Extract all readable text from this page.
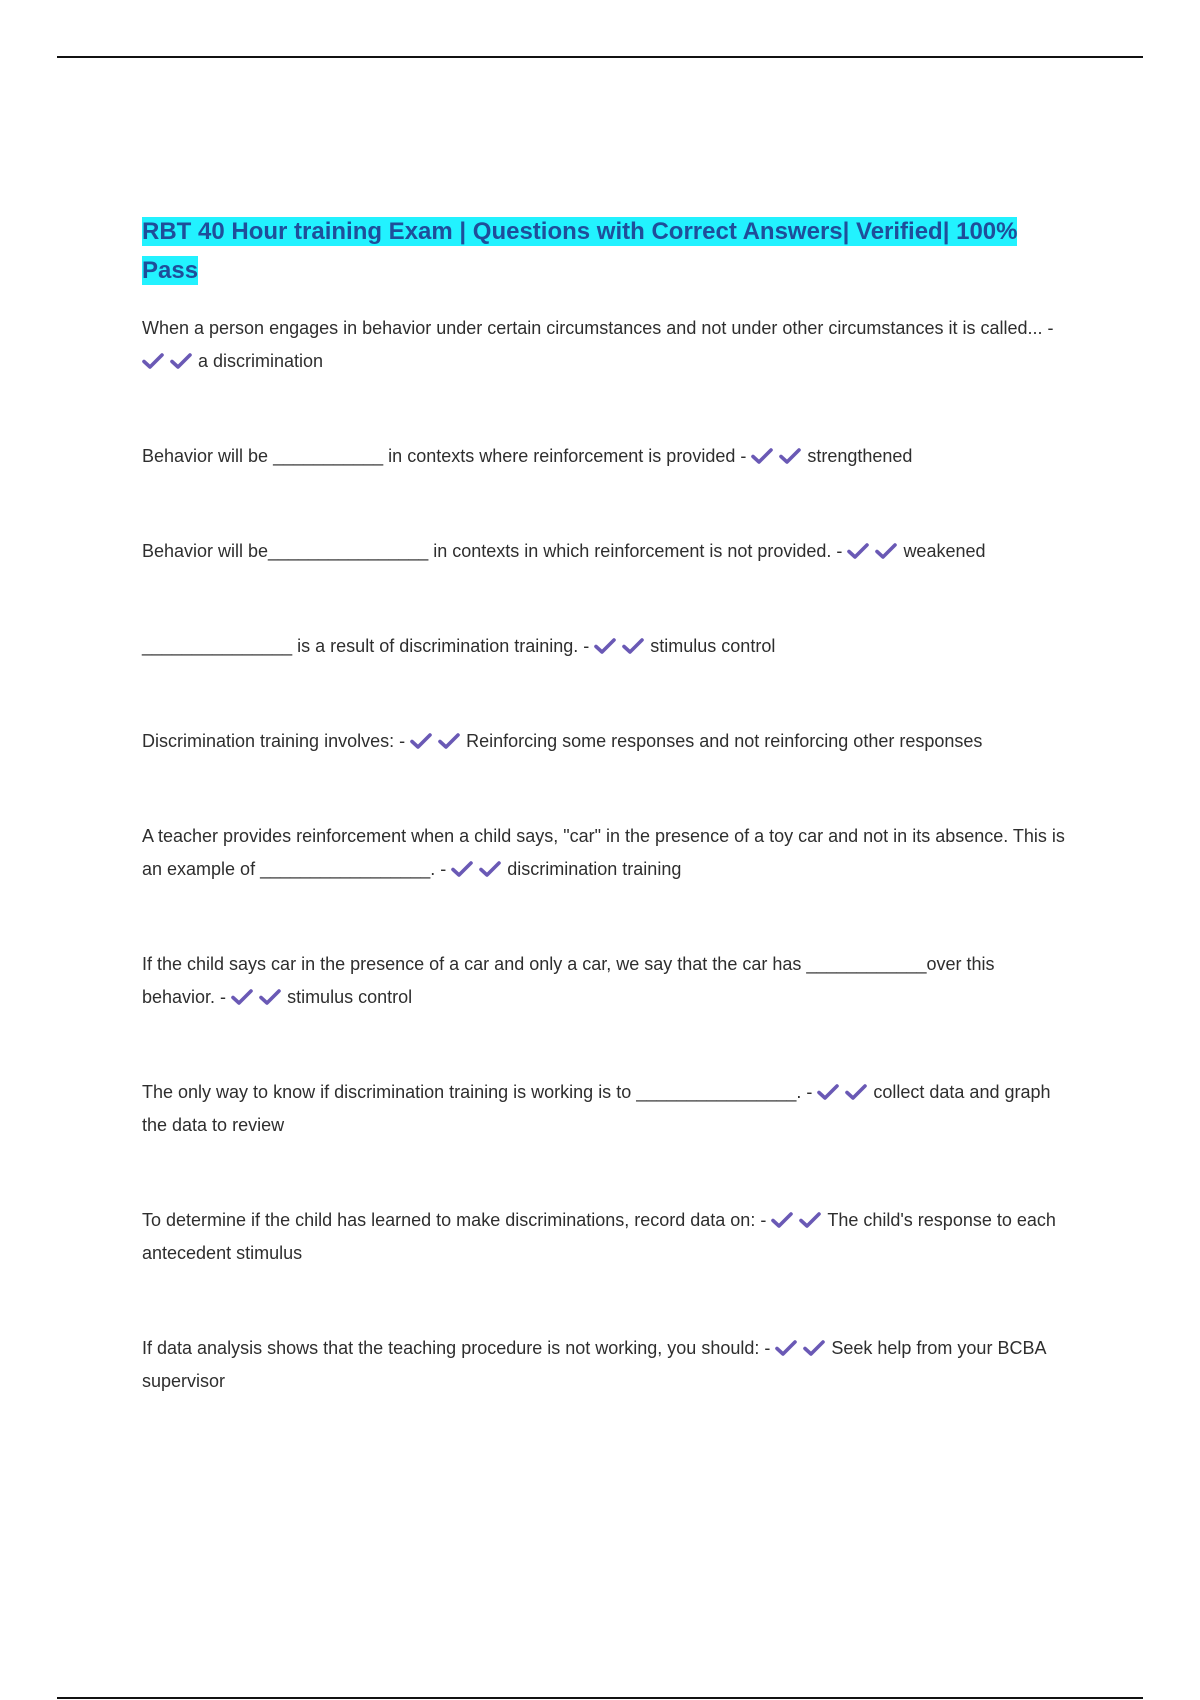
RBT 40 Hour training Exam | Questions with Correct Answers| Verified| 100% Pass

When a person engages in behavior under certain circumstances and not under other circumstances it is called... -
a discrimination

Behavior will be ___________ in contexts where reinforcement is provided -	strengthened

Behavior will be________________ in contexts in which reinforcement is not provided. -	weakened

_______________ is a result of discrimination training. -	stimulus control

Discrimination training involves: -	Reinforcing some responses and not reinforcing other responses

A teacher provides reinforcement when a child says, "car" in the presence of a toy car and not in its absence. This is an example of _________________. -	discrimination training

If the child says car in the presence of a car and only a car, we say that the car has ____________over this behavior. -	stimulus control

The only way to know if discrimination training is working is to ________________. -	collect data and graph the data to review

To determine if the child has learned to make discriminations, record data on: -	The child's response to each antecedent stimulus

If data analysis shows that the teaching procedure is not working, you should: -	Seek help from your BCBA supervisor
